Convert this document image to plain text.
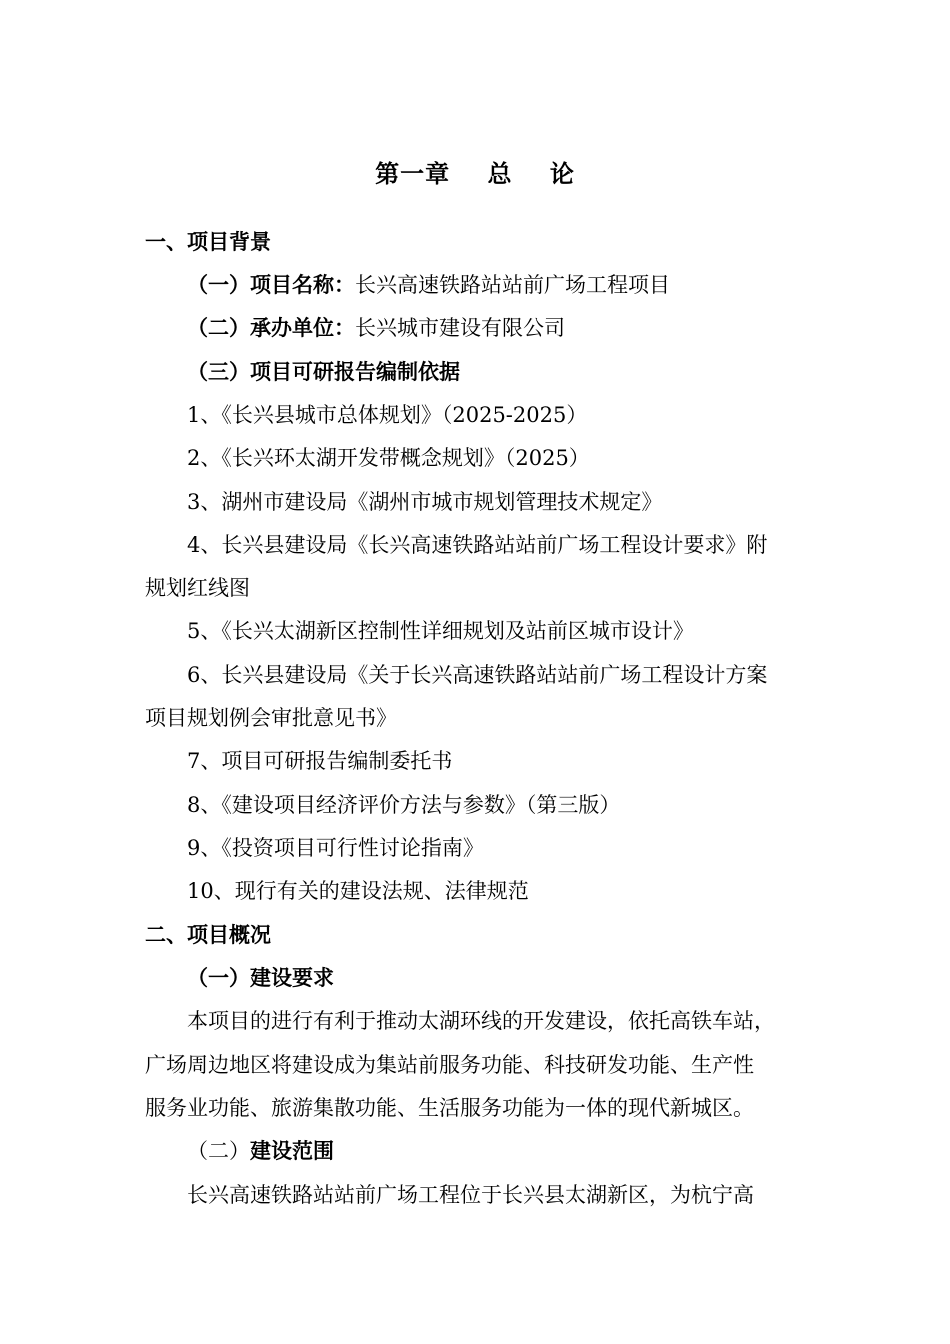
第一章    总    论
一、项目背景
（一）项目名称：长兴高速铁路站站前广场工程项目
（二）承办单位：长兴城市建设有限公司
（三）项目可研报告编制依据
1、《长兴县城市总体规划》（2025-2025）
2、《长兴环太湖开发带概念规划》（2025）
3、湖州市建设局《湖州市城市规划管理技术规定》
4、长兴县建设局《长兴高速铁路站站前广场工程设计要求》附
规划红线图
5、《长兴太湖新区控制性详细规划及站前区城市设计》
6、长兴县建设局《关于长兴高速铁路站站前广场工程设计方案
项目规划例会审批意见书》
7、项目可研报告编制委托书
8、《建设项目经济评价方法与参数》（第三版）
9、《投资项目可行性讨论指南》
10、现行有关的建设法规、法律规范
二、项目概况
（一）建设要求
本项目的进行有利于推动太湖环线的开发建设，依托高铁车站，
广场周边地区将建设成为集站前服务功能、科技研发功能、生产性
服务业功能、旅游集散功能、生活服务功能为一体的现代新城区。
（二）建设范围
长兴高速铁路站站前广场工程位于长兴县太湖新区，为杭宁高
